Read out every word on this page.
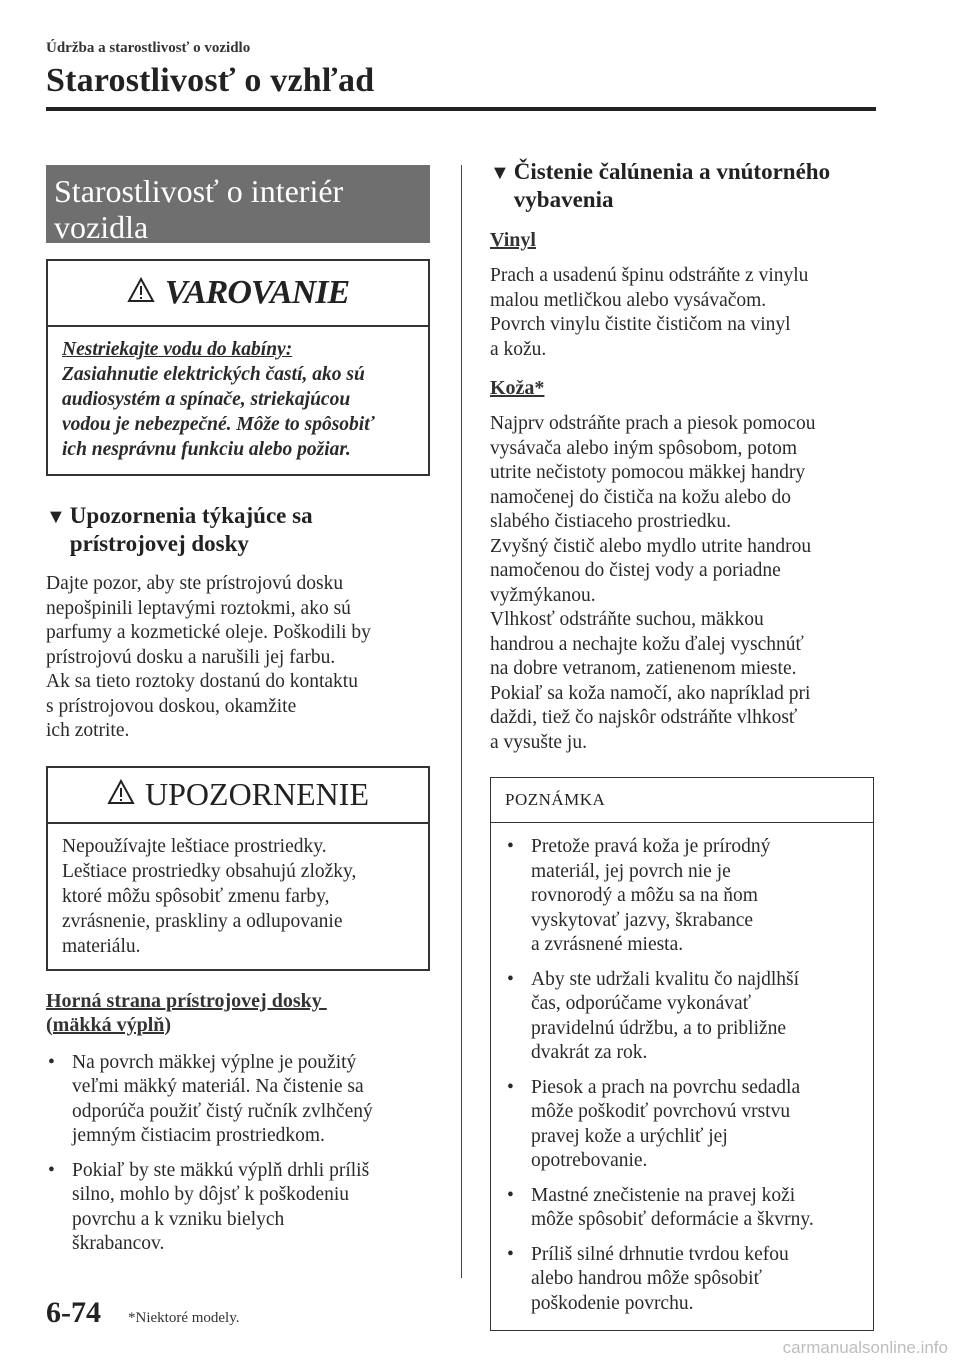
Údržba a starostlivosť o vozidlo
Starostlivosť o vzhľad
Starostlivosť o interiér
vozidla
VAROVANIE
Nestriekajte vodu do kabíny:
Zasiahnutie elektrických častí, ako sú
audiosystém a spínače, striekajúcou
vodou je nebezpečné. Môže to spôsobiť
ich nesprávnu funkciu alebo požiar.
▼ Upozornenia týkajúce sa
prístrojovej dosky
Dajte pozor, aby ste prístrojovú dosku
nepošpinili leptavými roztokmi, ako sú
parfumy a kozmetické oleje. Poškodili by
prístrojovú dosku a narušili jej farbu.
Ak sa tieto roztoky dostanú do kontaktu
s prístrojovou doskou, okamžite
ich zotrite.
UPOZORNENIE
Nepoužívajte leštiace prostriedky.
Leštiace prostriedky obsahujú zložky,
ktoré môžu spôsobiť zmenu farby,
zvrásnenie, praskliny a odlupovanie
materiálu.
Horná strana prístrojovej dosky
(mäkká výplň)
• Na povrch mäkkej výplne je použitý
veľmi mäkký materiál. Na čistenie sa
odporúča použiť čistý ručník zvlhčený
jemným čistiacim prostriedkom.
• Pokiaľ by ste mäkkú výplň drhli príliš
silno, mohlo by dôjsť k poškodeniu
povrchu a k vzniku bielych
škrabancov.
▼ Čistenie čalúnenia a vnútorného
vybavenia
Vinyl
Prach a usadenú špinu odstráňte z vinylu
malou metličkou alebo vysávačom.
Povrch vinylu čistite čističom na vinyl
a kožu.
Koža*
Najprv odstráňte prach a piesok pomocou
vysávača alebo iným spôsobom, potom
utrite nečistoty pomocou mäkkej handry
namočenej do čističa na kožu alebo do
slabého čistiaceho prostriedku.
Zvyšný čistič alebo mydlo utrite handrou
namočenou do čistej vody a poriadne
vyžmýkanou.
Vlhkosť odstráňte suchou, mäkkou
handrou a nechajte kožu ďalej vyschnúť
na dobre vetranom, zatienenom mieste.
Pokiaľ sa koža namočí, ako napríklad pri
daždi, tiež čo najskôr odstráňte vlhkosť
a vysušte ju.
POZNÁMKA
• Pretože pravá koža je prírodný
materiál, jej povrch nie je
rovnorodý a môžu sa na ňom
vyskytovať jazvy, škrabance
a zvrásnené miesta.
• Aby ste udržali kvalitu čo najdlhší
čas, odporúčame vykonávať
pravidelnú údržbu, a to približne
dvakrát za rok.
• Piesok a prach na povrchu sedadla
môže poškodiť povrchovú vrstvu
pravej kože a urýchliť jej
opotrebovanie.
• Mastné znečistenie na pravej koži
môže spôsobiť deformácie a škvrny.
• Príliš silné drhnutie tvrdou kefou
alebo handrou môže spôsobiť
poškodenie povrchu.
6-74 *Niektoré modely.
carmanualsonline.info
